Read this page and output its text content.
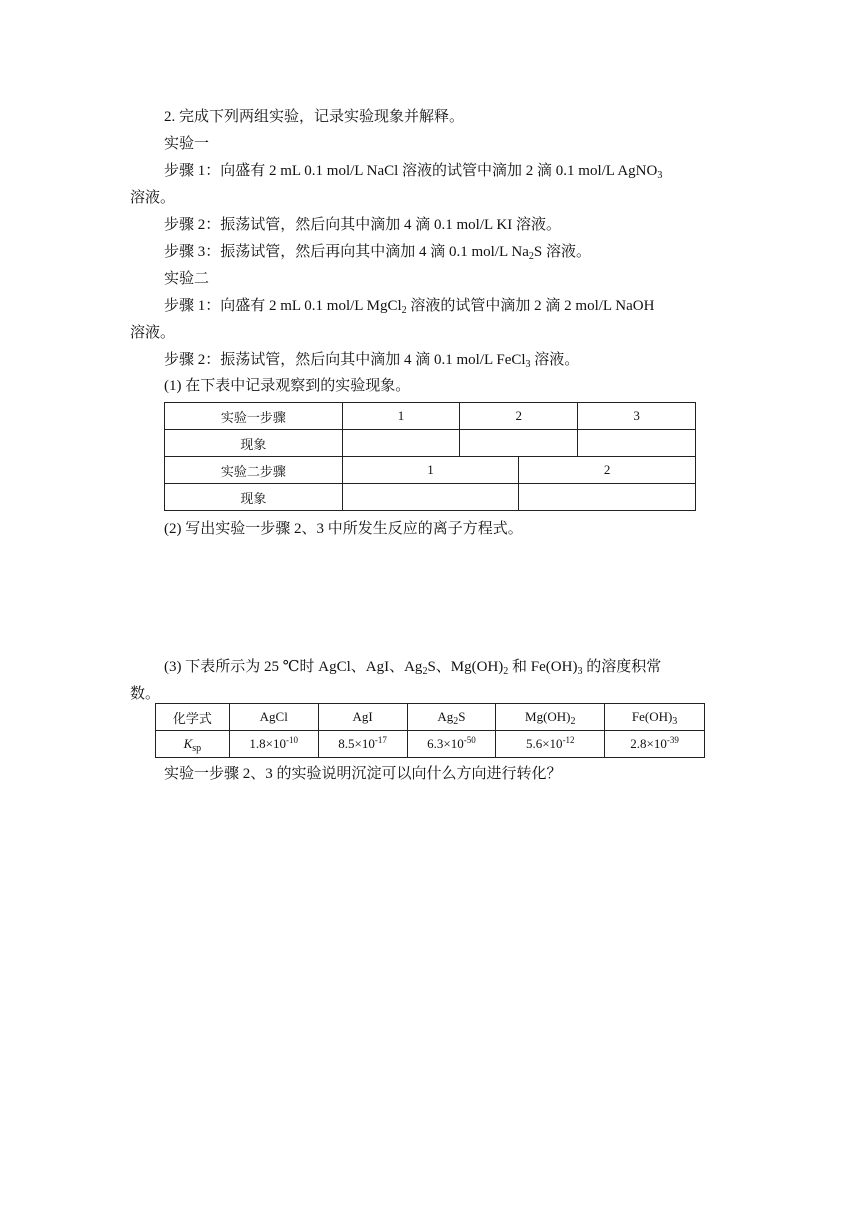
2. 完成下列两组实验，记录实验现象并解释。
实验一
步骤 1：向盛有 2 mL 0.1 mol/L NaCl 溶液的试管中滴加 2 滴 0.1 mol/L AgNO$_3$
溶液。
步骤 2：振荡试管，然后向其中滴加 4 滴 0.1 mol/L KI 溶液。
步骤 3：振荡试管，然后再向其中滴加 4 滴 0.1 mol/L $Na_2S$ 溶液。
实验二
步骤 1：向盛有 2 mL 0.1 mol/L MgCl$_2$ 溶液的试管中滴加 2 滴 2 mol/L NaOH
溶液。
步骤 2：振荡试管，然后向其中滴加 4 滴 0.1 mol/L FeCl$_3$ 溶液。
(1) 在下表中记录观察到的实验现象。
实验一步骤	1	2		3
现象				
实验二步骤	1		2	
现象				
(2) 写出实验一步骤 2、3 中所发生反应的离子方程式。
(3) 下表所示为 25 ℃时 AgCl、AgI、$Ag_2S$、$Mg(OH)_2$ 和 $Fe(OH)_3$ 的溶度积常
数。
化学式	AgCl	AgI	$Ag_2S$	$Mg(OH)_2$	$Fe(OH)_3$
$K_{sp}$	$1.8\times 10^{-10}$	$8.5\times 10^{-17}$	$6.3\times 10^{-50}$	$5.6\times 10^{-12}$	$2.8\times 10^{-39}$
实验一步骤 2、3 的实验说明沉淀可以向什么方向进行转化？
